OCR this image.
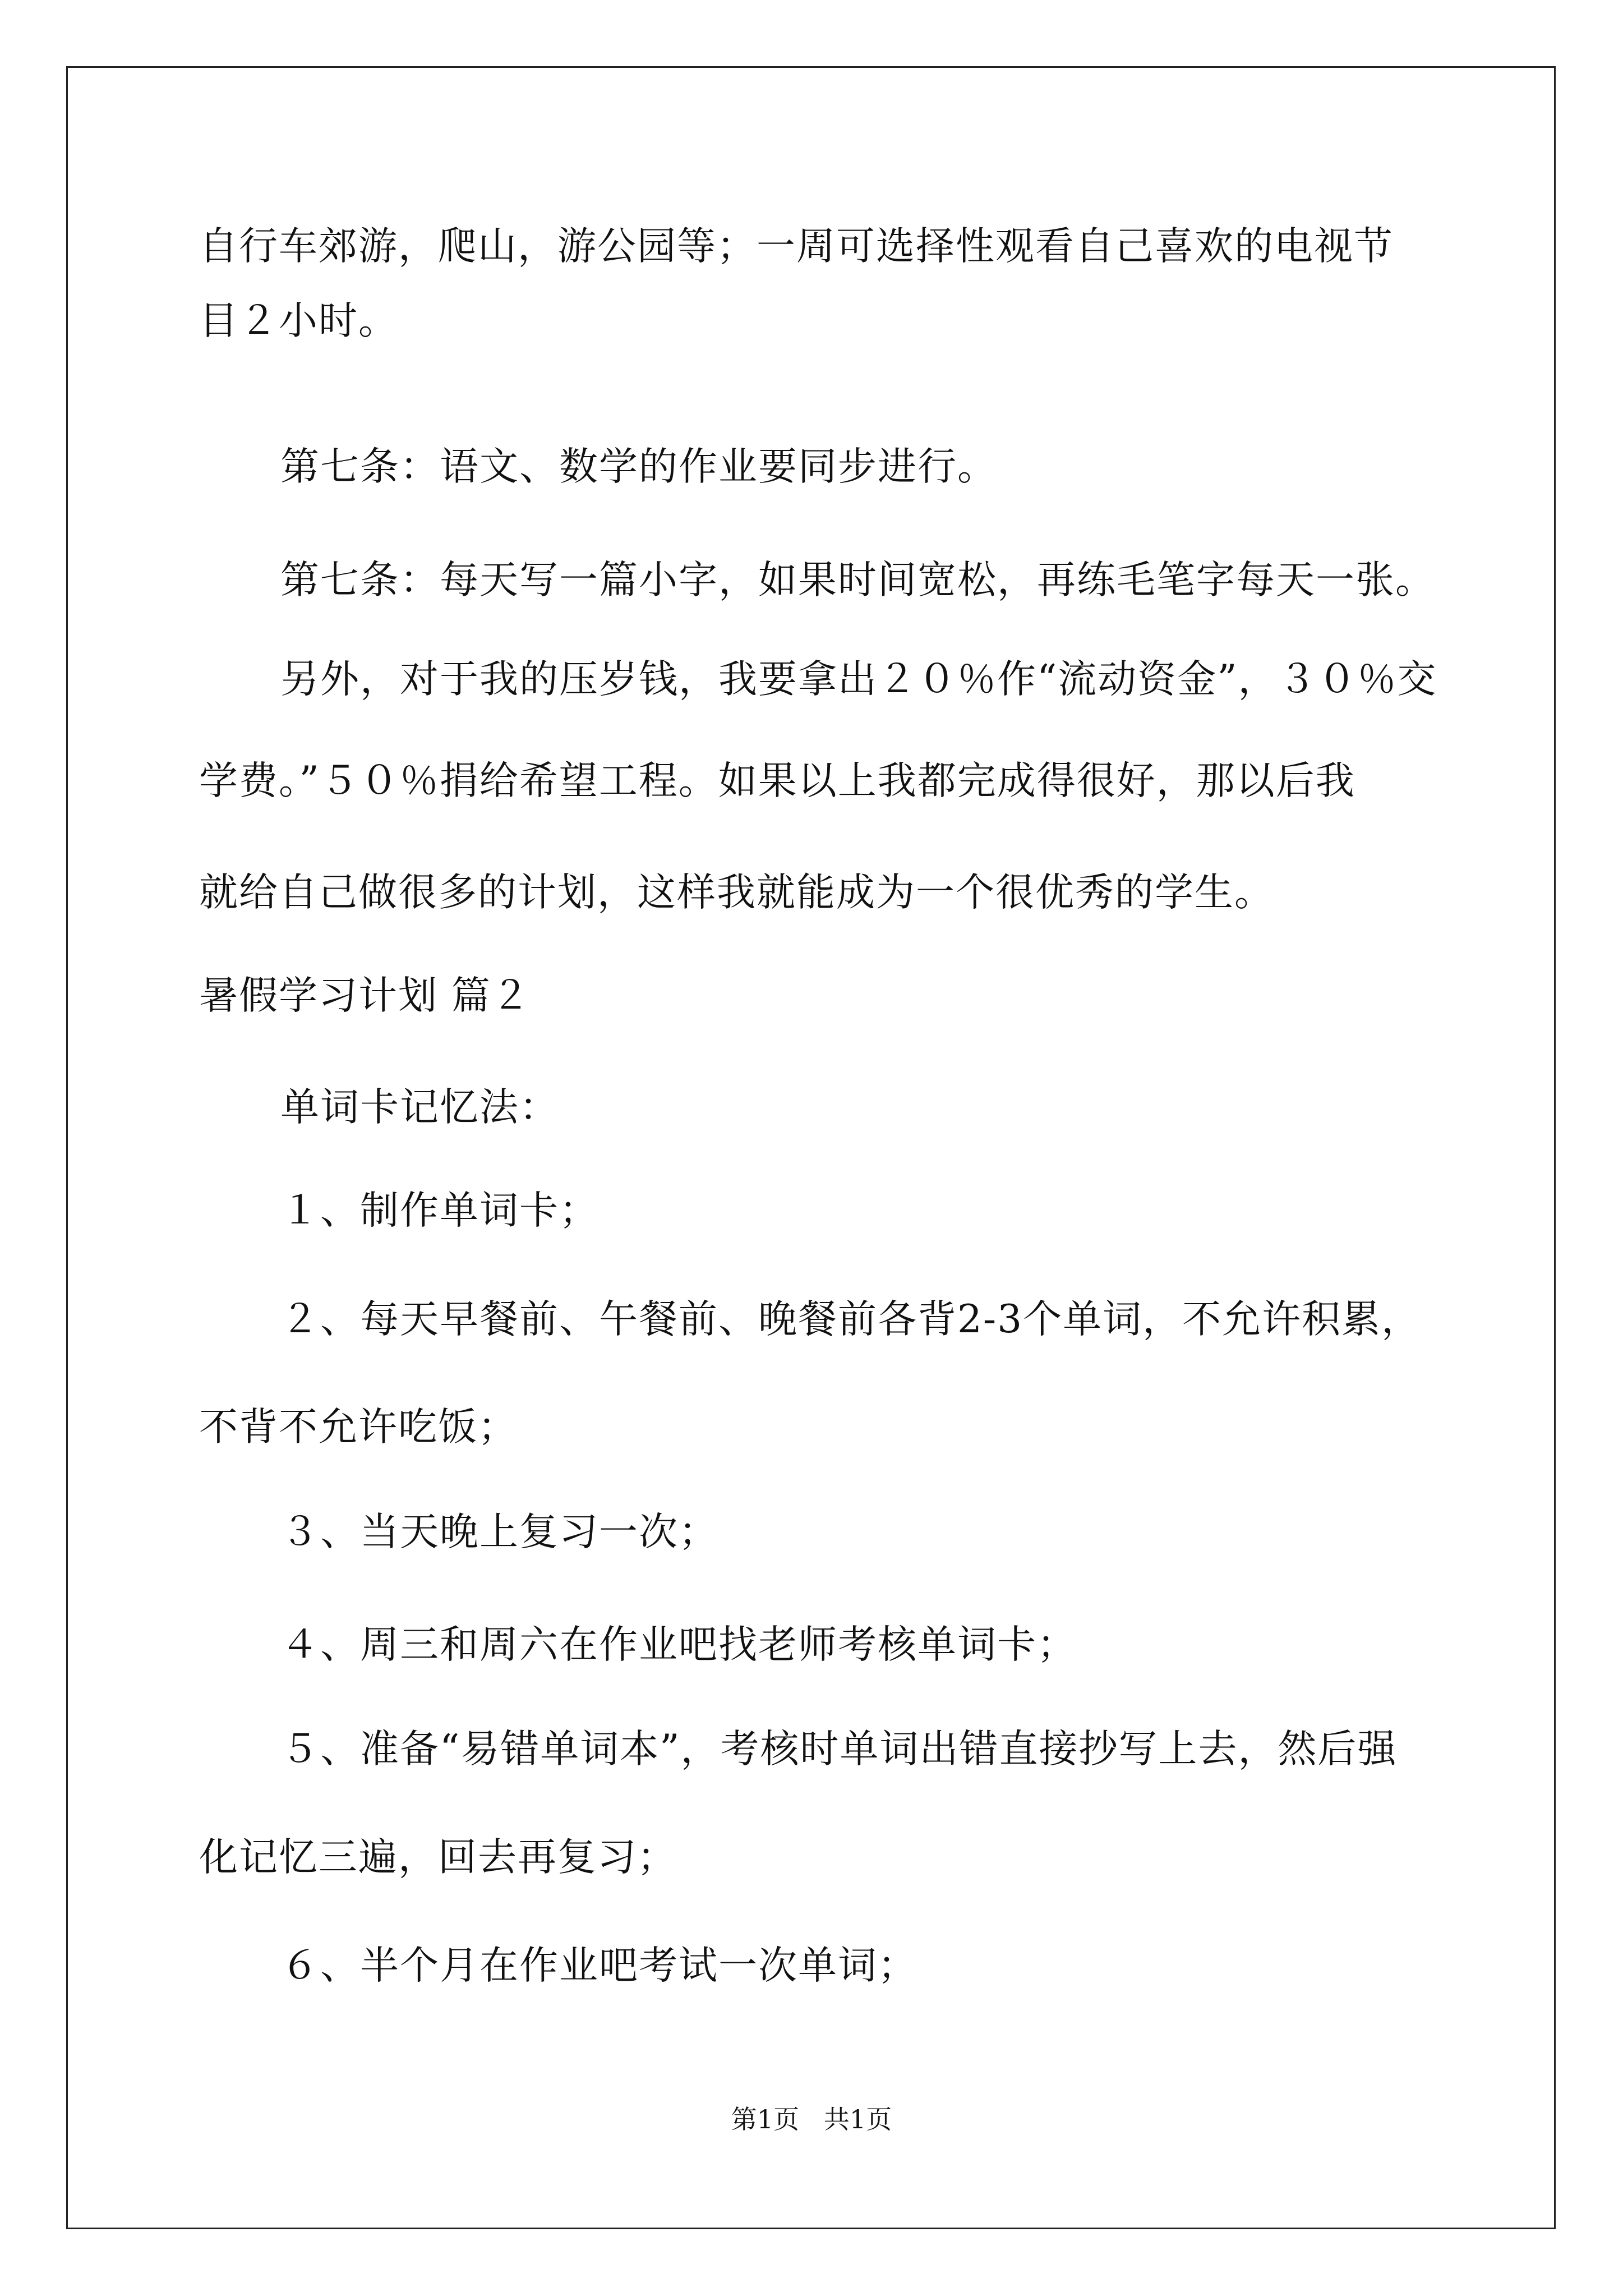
自行车郊游，爬山，游公园等；一周可选择性观看自己喜欢的电视节
目２小时。
第七条：语文、数学的作业要同步进行。
第七条：每天写一篇小字，如果时间宽松，再练毛笔字每天一张。
另外，对于我的压岁钱，我要拿出２０％作“流动资金”，３０％交
学费。”５０％捐给希望工程。如果以上我都完成得很好，那以后我
就给自己做很多的计划，这样我就能成为一个很优秀的学生。
暑假学习计划 篇２
单词卡记忆法：
１、制作单词卡；
２、每天早餐前、午餐前、晚餐前各背2-3个单词，不允许积累，
不背不允许吃饭；
３、当天晚上复习一次；
４、周三和周六在作业吧找老师考核单词卡；
５、准备“易错单词本”，考核时单词出错直接抄写上去，然后强
化记忆三遍，回去再复习；
６、半个月在作业吧考试一次单词；
第1页   共1页
